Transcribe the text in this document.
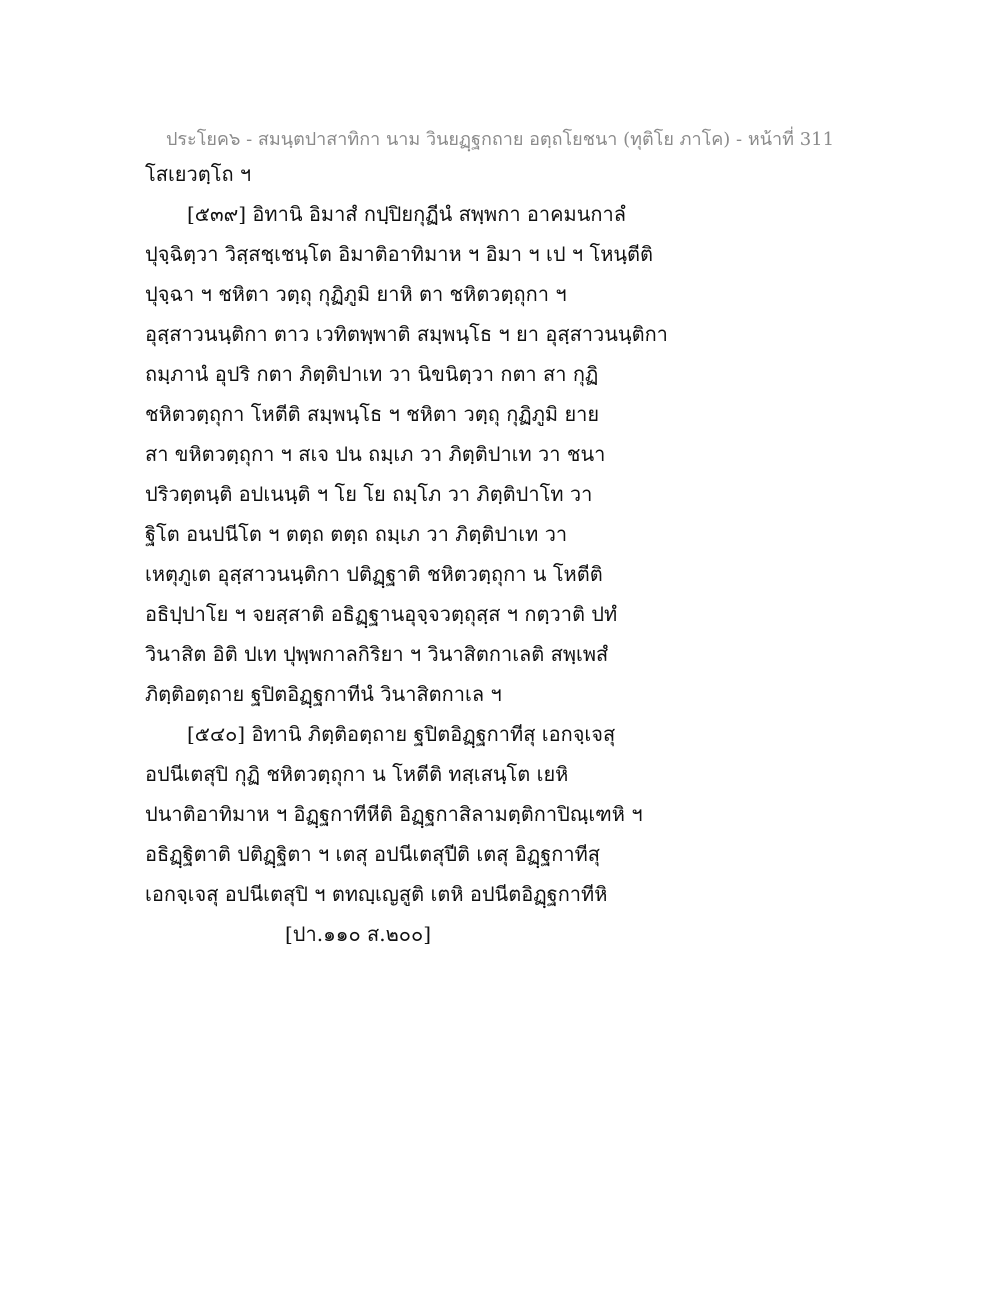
ประโยค๖ - สมนฺตปาสาทิกา นาม วินยฏฺฐกถาย อตฺถโยชนา (ทุติโย ภาโค) - หน้าที่ 311
โสเยวตฺโถ ฯ
[๕๓๙] อิทานิ อิมาสํ กปฺปิยกุฏีนํ สพฺพกา อาคมนกาลํ
ปุจฺฉิตฺวา วิสฺสชฺเชนฺโต อิมาติอาทิมาห ฯ อิมา ฯ เป ฯ โหนฺตีติ
ปุจฺฉา ฯ ชหิตา วตฺถุ กุฏิภูมิ ยาหิ ตา ชหิตวตฺถุกา ฯ
อุสฺสาวนนฺติกา ตาว เวทิตพฺพาติ สมฺพนฺโธ ฯ ยา อุสฺสาวนนฺติกา
ถมฺภานํ อุปริ กตา ภิตฺติปาเท วา นิขนิตฺวา กตา สา กุฏิ
ชหิตวตฺถุกา โหตีติ สมฺพนฺโธ ฯ ชหิตา วตฺถุ กุฏิภูมิ ยาย
สา ขหิตวตฺถุกา ฯ สเจ ปน ถมฺเภ วา ภิตฺติปาเท วา ชนา
ปริวตฺตนฺติ อปเนนฺติ ฯ โย โย ถมฺโภ วา ภิตฺติปาโท วา
ฐิโต อนปนีโต ฯ ตตฺถ ตตฺถ ถมฺเภ วา ภิตฺติปาเท วา
เหตุภูเต อุสฺสาวนนฺติกา ปติฏฺฐาติ ชหิตวตฺถุกา น โหตีติ
อธิปฺปาโย ฯ จยสฺสาติ อธิฏฺฐานอุจฺจวตฺถุสฺส ฯ กตฺวาติ ปทํ
วินาสิต อิติ ปเท ปุพฺพกาลกิริยา ฯ วินาสิตกาเลติ สพฺเพสํ
ภิตฺติอตฺถาย ฐปิตอิฏฺฐกาทีนํ วินาสิตกาเล ฯ
[๕๔๐] อิทานิ ภิตฺติอตฺถาย ฐปิตอิฏฺฐกาทีสุ เอกจฺเจสุ
อปนีเตสุปิ กุฏิ ชหิตวตฺถุกา น โหตีติ ทสฺเสนฺโต เยหิ
ปนาติอาทิมาห ฯ อิฏฺฐกาทีหีติ อิฏฺฐกาสิลามตฺติกาปิณฺเฑหิ ฯ
อธิฏฺฐิตาติ ปติฏฺฐิตา ฯ เตสุ อปนีเตสุปีติ เตสุ อิฏฺฐกาทีสุ
เอกจฺเจสุ อปนีเตสุปิ ฯ ตทญฺเญสูติ เตหิ อปนีตอิฏฺฐกาทีหิ
[ปา.๑๑๐ ส.๒๐๐]
